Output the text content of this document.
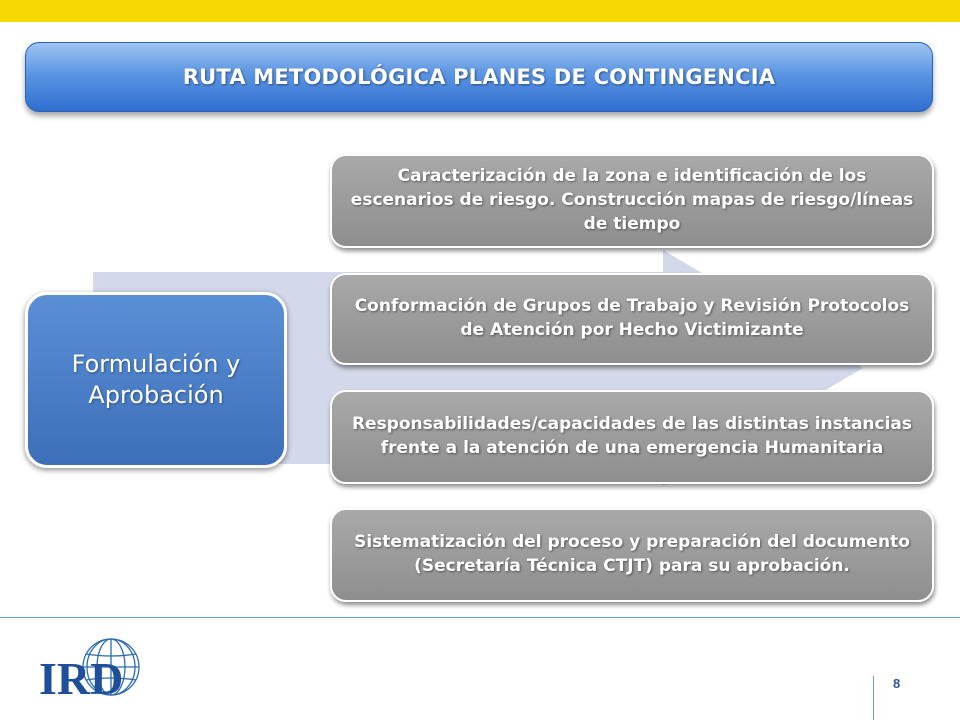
RUTA METODOLÓGICA PLANES DE CONTINGENCIA
Formulación y
Aprobación
Caracterización de la zona e identificación de los escenarios de riesgo. Construcción mapas de riesgo/líneas de tiempo
Conformación de Grupos de Trabajo y Revisión Protocolos de Atención por Hecho Victimizante
Responsabilidades/capacidades de las distintas instancias frente a la atención de una emergencia Humanitaria
Sistematización del proceso y preparación del documento (Secretaría Técnica CTJT) para su aprobación.
IRD	8
